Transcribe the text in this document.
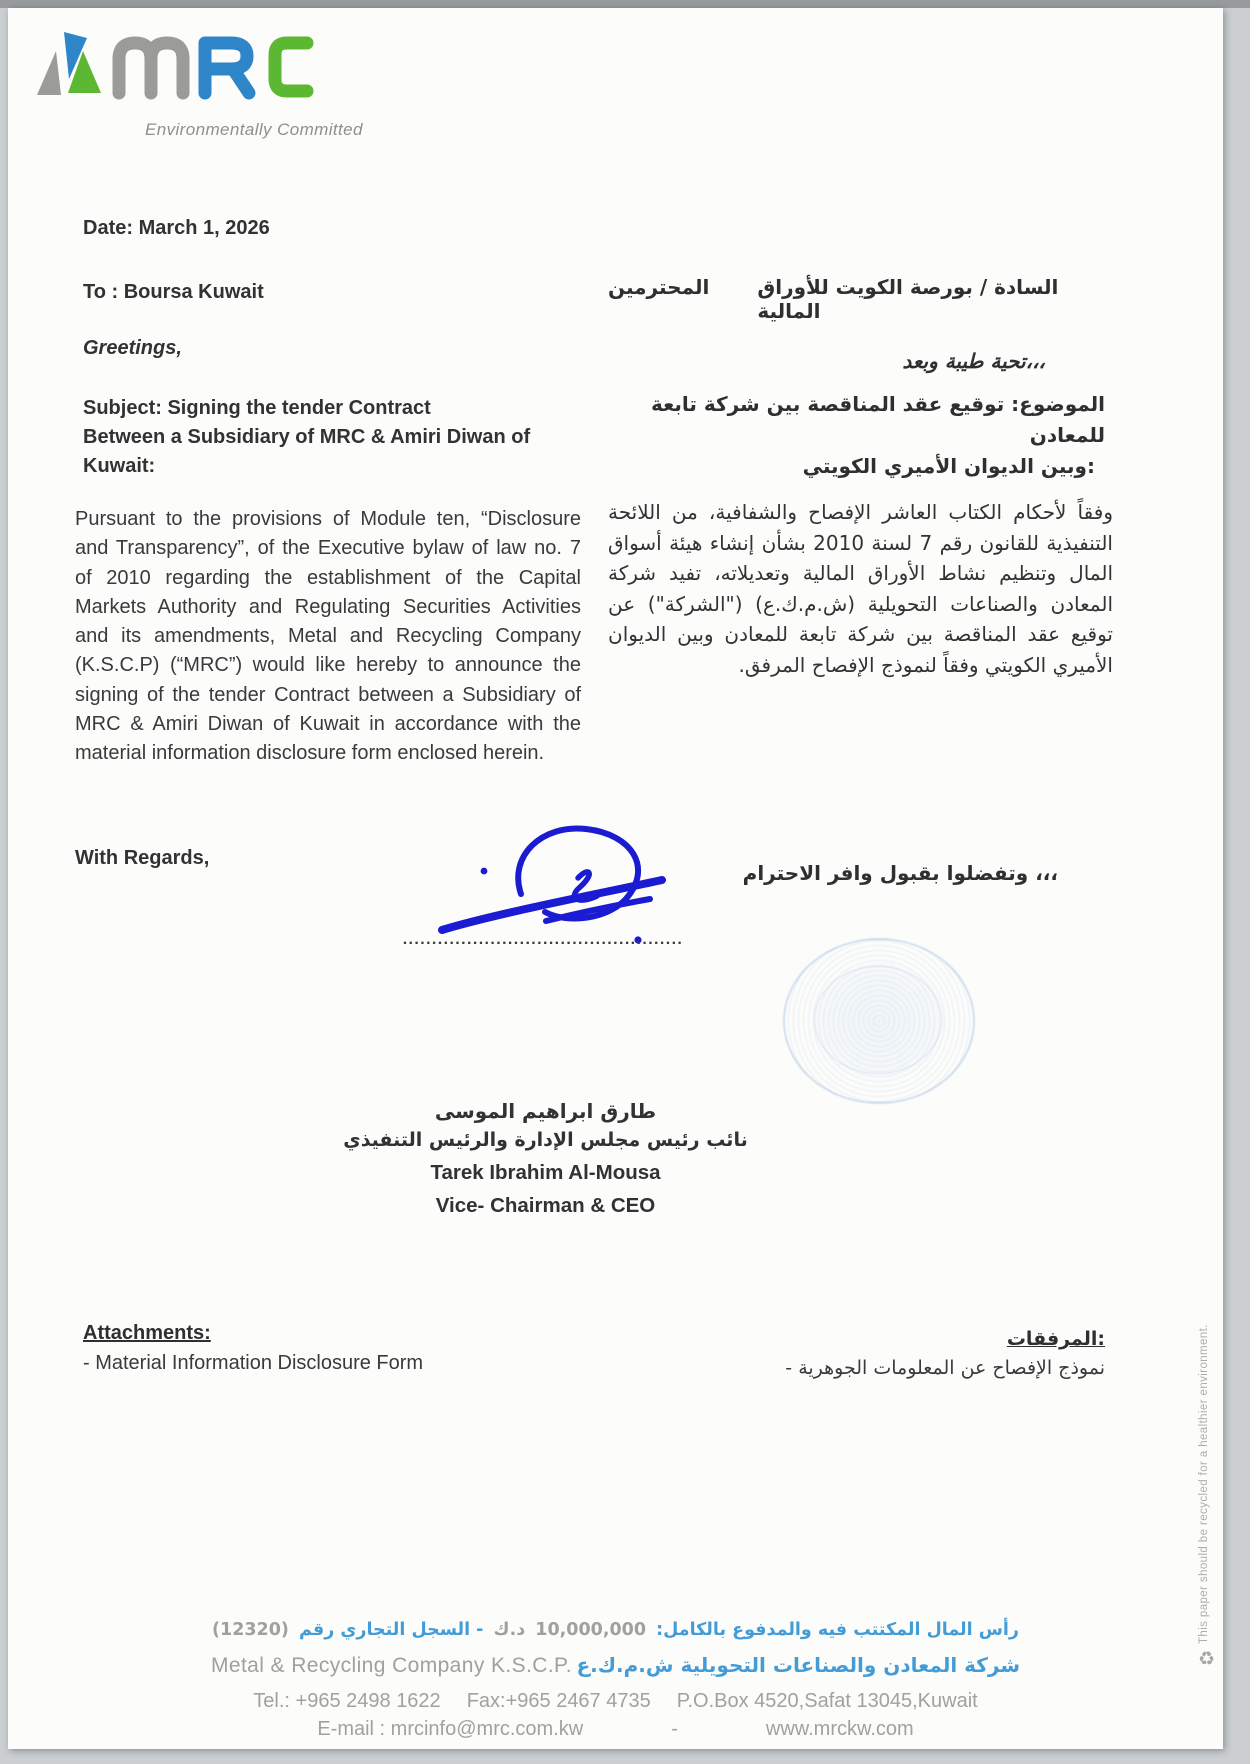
Environmentally Committed
Date: March 1, 2026
To : Boursa Kuwait
Greetings,
السادة / بورصة الكويت للأوراق المالية
المحترمين
تحية طيبة وبعد،،،
Subject: Signing the tender Contract
Between a Subsidiary of MRC & Amiri Diwan of
Kuwait:
الموضوع: توقيع عقد المناقصة بين شركة تابعة للمعادن
وبين الديوان الأميري الكويتي:
Pursuant to the provisions of Module ten, “Disclosure and Transparency”, of the Executive bylaw of law no. 7 of 2010 regarding the establishment of the Capital Markets Authority and Regulating Securities Activities and its amendments, Metal and Recycling Company (K.S.C.P) (“MRC”) would like hereby to announce the signing of the tender Contract between a Subsidiary of MRC & Amiri Diwan of Kuwait in accordance with the material information disclosure form enclosed herein.
وفقاً لأحكام الكتاب العاشر الإفصاح والشفافية، من اللائحة التنفيذية للقانون رقم 7 لسنة 2010 بشأن إنشاء هيئة أسواق المال وتنظيم نشاط الأوراق المالية وتعديلاته، تفيد شركة المعادن والصناعات التحويلية (ش.م.ك.ع) ("الشركة") عن توقيع عقد المناقصة بين شركة تابعة للمعادن وبين الديوان الأميري الكويتي وفقاً لنموذج الإفصاح المرفق.
With Regards,
وتفضلوا بقبول وافر الاحترام ،،،
................................................
طارق ابراهيم الموسى
نائب رئيس مجلس الإدارة والرئيس التنفيذي
Tarek Ibrahim Al-Mousa
Vice- Chairman & CEO
Attachments:
- Material Information Disclosure Form
المرفقات:
- نموذج الإفصاح عن المعلومات الجوهرية
رأس المال المكتتب فيه والمدفوع بالكامل: 10,000,000 د.ك - السجل التجاري رقم (12320)
Metal & Recycling Company K.S.C.P. شركة المعادن والصناعات التحويلية ش.م.ك.ع
Tel.: +965 2498 1622 Fax:+965 2467 4735 P.O.Box 4520,Safat 13045,Kuwait
E-mail : mrcinfo@mrc.com.kw	-	www.mrckw.com
This paper should be recycled for a healthier environment.
♻
